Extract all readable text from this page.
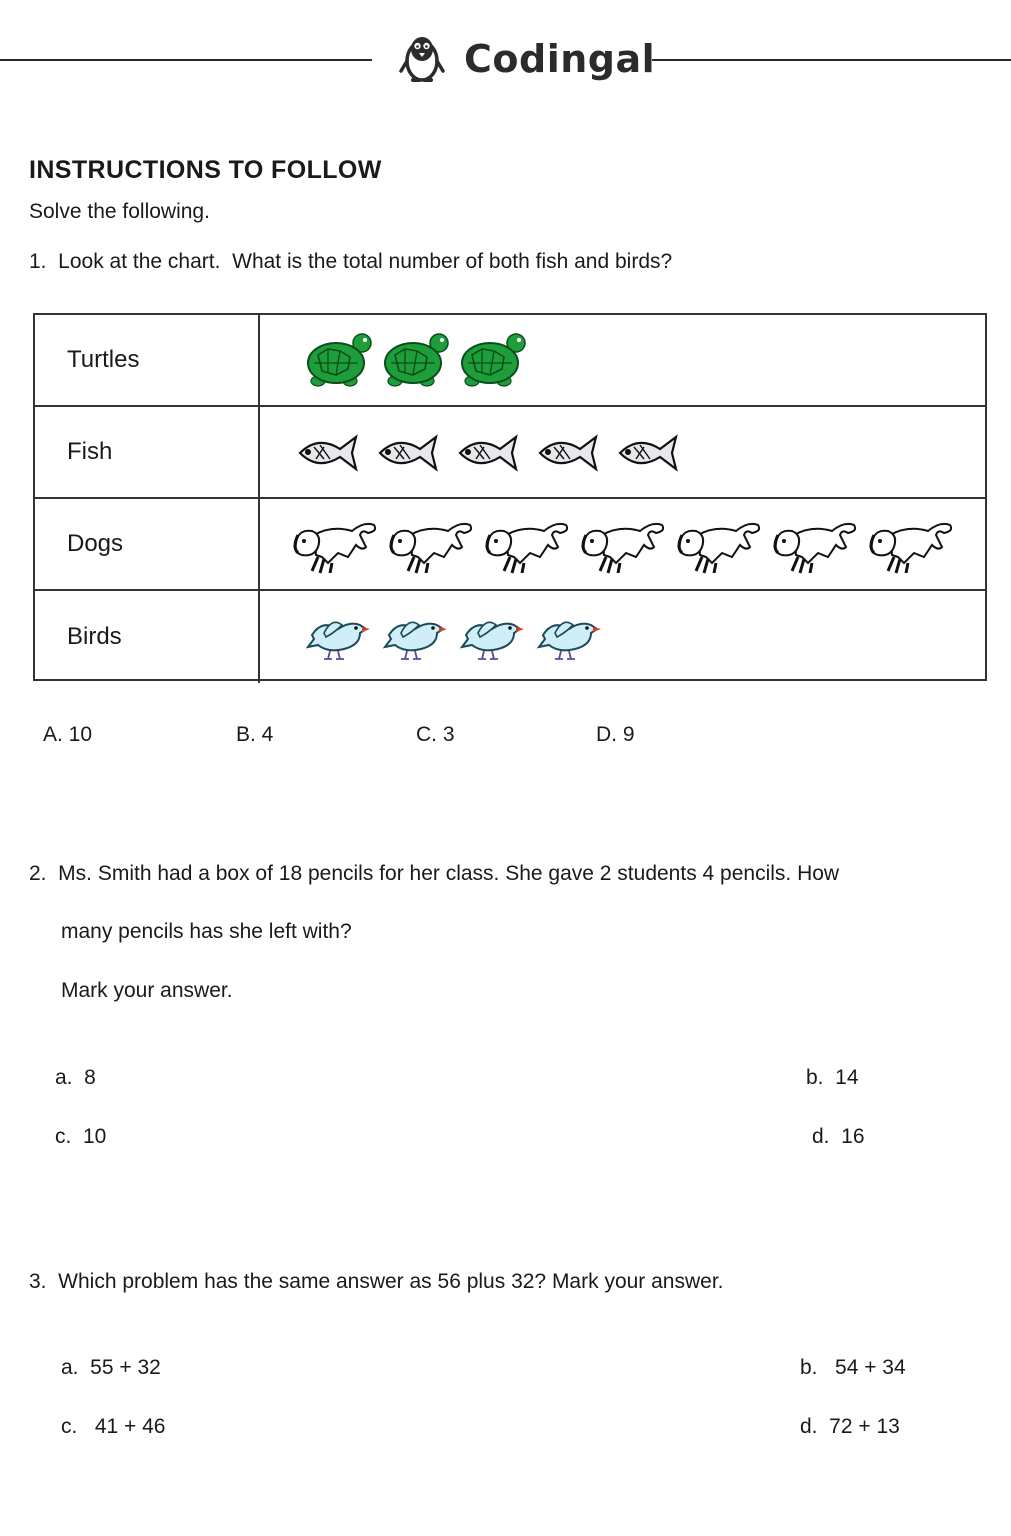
Codingal
INSTRUCTIONS TO FOLLOW
Solve the following.
1.  Look at the chart.  What is the total number of both fish and birds?
Turtles
Fish
Dogs
Birds
A. 10	B. 4	C. 3	D. 9
2.  Ms. Smith had a box of 18 pencils for her class. She gave 2 students 4 pencils. How
many pencils has she left with?
Mark your answer.
a.  8	b.  14
c.  10	d.  16
3.  Which problem has the same answer as 56 plus 32? Mark your answer.
a.  55 + 32	b.   54 + 34
c.   41 + 46	d.  72 + 13
